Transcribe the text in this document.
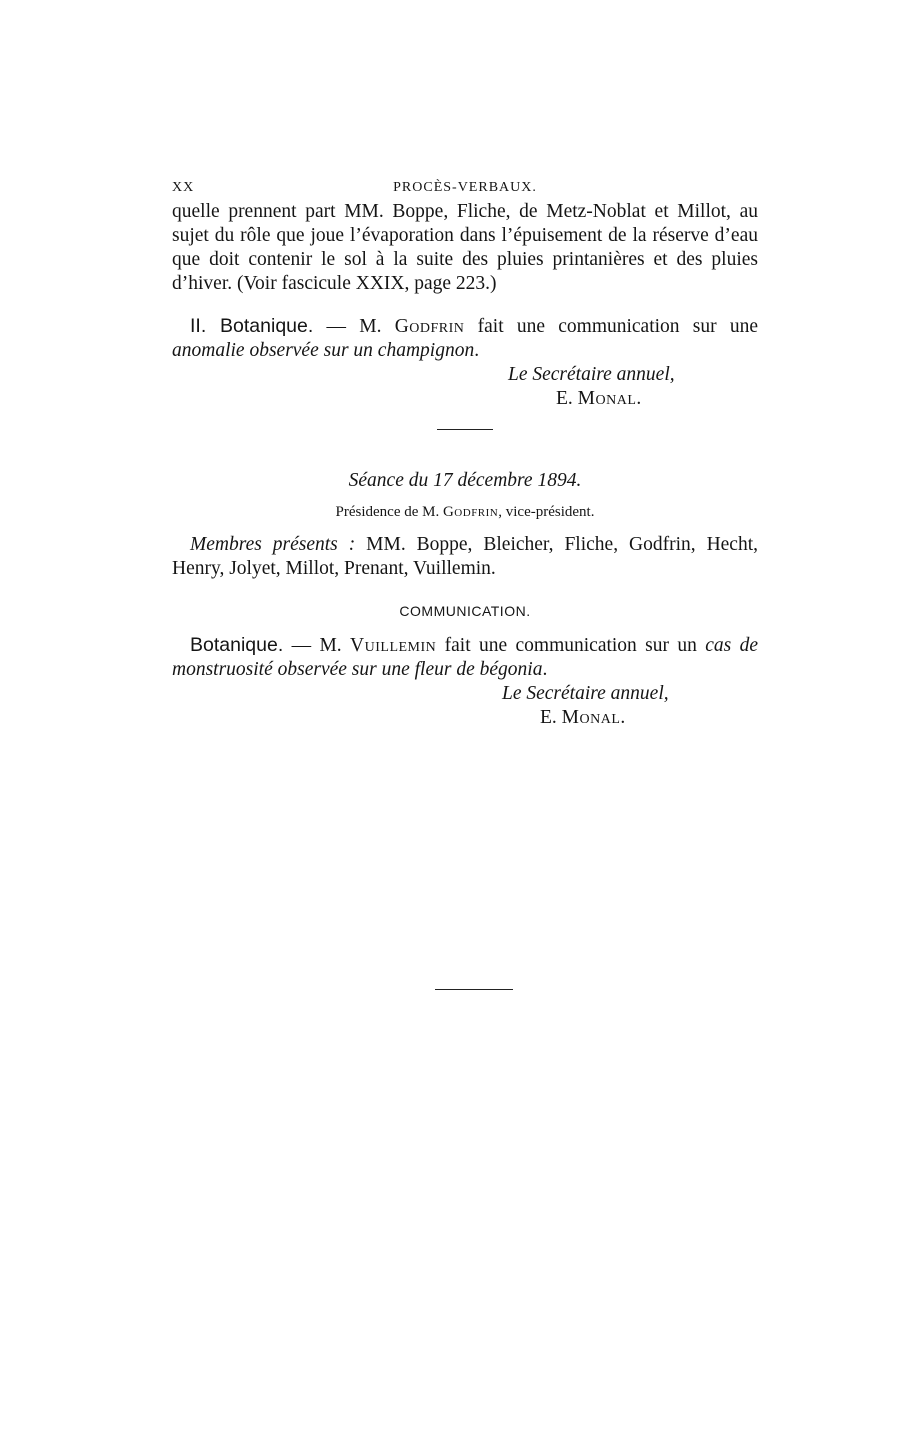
XX	PROCÈS-VERBAUX.

quelle prennent part MM. Boppe, Fliche, de Metz-Noblat et Millot, au sujet du rôle que joue l’évaporation dans l’épuisement de la réserve d’eau que doit contenir le sol à la suite des pluies printanières et des pluies d’hiver. (Voir fascicule XXIX, page 223.)

II. Botanique. — M. Godfrin fait une communication sur une anomalie observée sur un champignon.

Le Secrétaire annuel,
E. Monal.
Séance du 17 décembre 1894.
Présidence de M. Godfrin, vice-président.

Membres présents : MM. Boppe, Bleicher, Fliche, Godfrin, Hecht, Henry, Jolyet, Millot, Prenant, Vuillemin.

COMMUNICATION.

Botanique. — M. Vuillemin fait une communication sur un cas de monstruosité observée sur une fleur de bégonia.

Le Secrétaire annuel,
E. Monal.
